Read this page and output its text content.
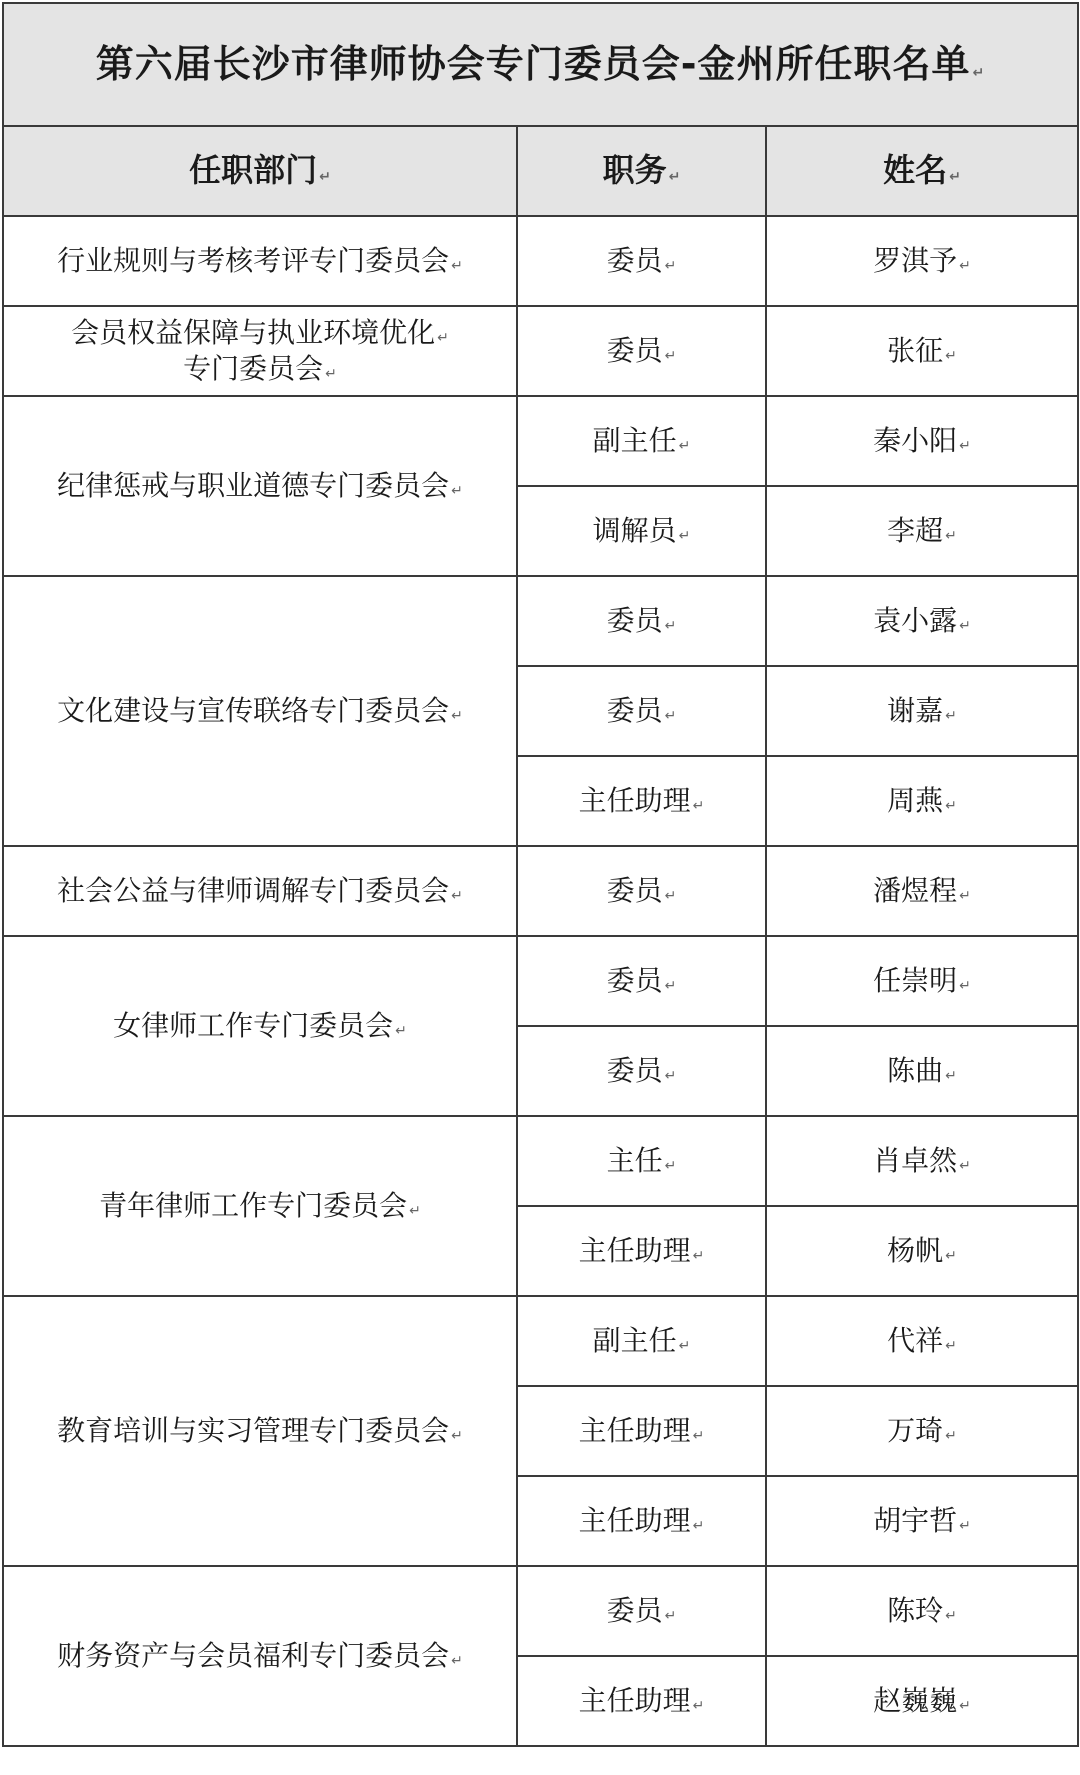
第六届长沙市律师协会专门委员会-金州所任职名单 ↵		
任职部门 ↵	职务 ↵	姓名 ↵
行业规则与考核考评专门委员会 ↵	委员 ↵	罗淇予 ↵

会员权益保障与执业环境优化 ↵
专门委员会 ↵	委员 ↵	张征 ↵
纪律惩戒与职业道德专门委员会 ↵	副主任 ↵	秦小阳 ↵
	调解员 ↵	李超 ↵
文化建设与宣传联络专门委员会 ↵	委员 ↵	袁小露 ↵
	委员 ↵	谢嘉 ↵
	主任助理 ↵	周燕 ↵
社会公益与律师调解专门委员会 ↵	委员 ↵	潘煜程 ↵
女律师工作专门委员会 ↵	委员 ↵	任崇明 ↵
	委员 ↵	陈曲 ↵
青年律师工作专门委员会 ↵	主任 ↵	肖卓然 ↵
	主任助理 ↵	杨帆 ↵
教育培训与实习管理专门委员会 ↵	副主任 ↵	代祥 ↵
	主任助理 ↵	万琦 ↵
	主任助理 ↵	胡宇哲 ↵
财务资产与会员福利专门委员会 ↵	委员 ↵	陈玲 ↵
	主任助理 ↵	赵巍巍 ↵
